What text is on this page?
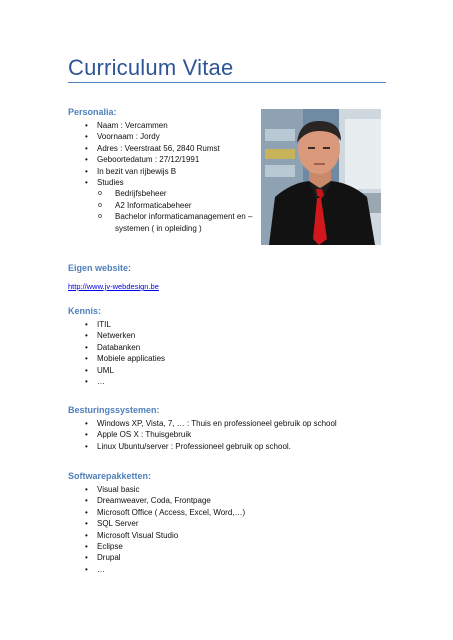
Curriculum Vitae
Personalia:
• Naam : Vercammen
• Voornaam : Jordy
• Adres : Veerstraat 56, 2840 Rumst
• Geboortedatum : 27/12/1991
• In bezit van rijbewijs B
• Studies
o Bedrijfsbeheer
o A2 Informaticabeheer
o Bachelor informaticamanagement en – systemen ( in opleiding )
Eigen website:
http://www.jv-webdesign.be
Kennis:
• ITIL
• Netwerken
• Databanken
• Mobiele applicaties
• UML
• …
Besturingssystemen:
• Windows XP, Vista, 7, … : Thuis en professioneel gebruik op school
• Apple OS X : Thuisgebruik
• Linux Ubuntu/server : Professioneel gebruik op school.
Softwarepakketten:
• Visual basic
• Dreamweaver, Coda, Frontpage
• Microsoft Office ( Access, Excel, Word,…)
• SQL Server
• Microsoft Visual Studio
• Eclipse
• Drupal
• …
